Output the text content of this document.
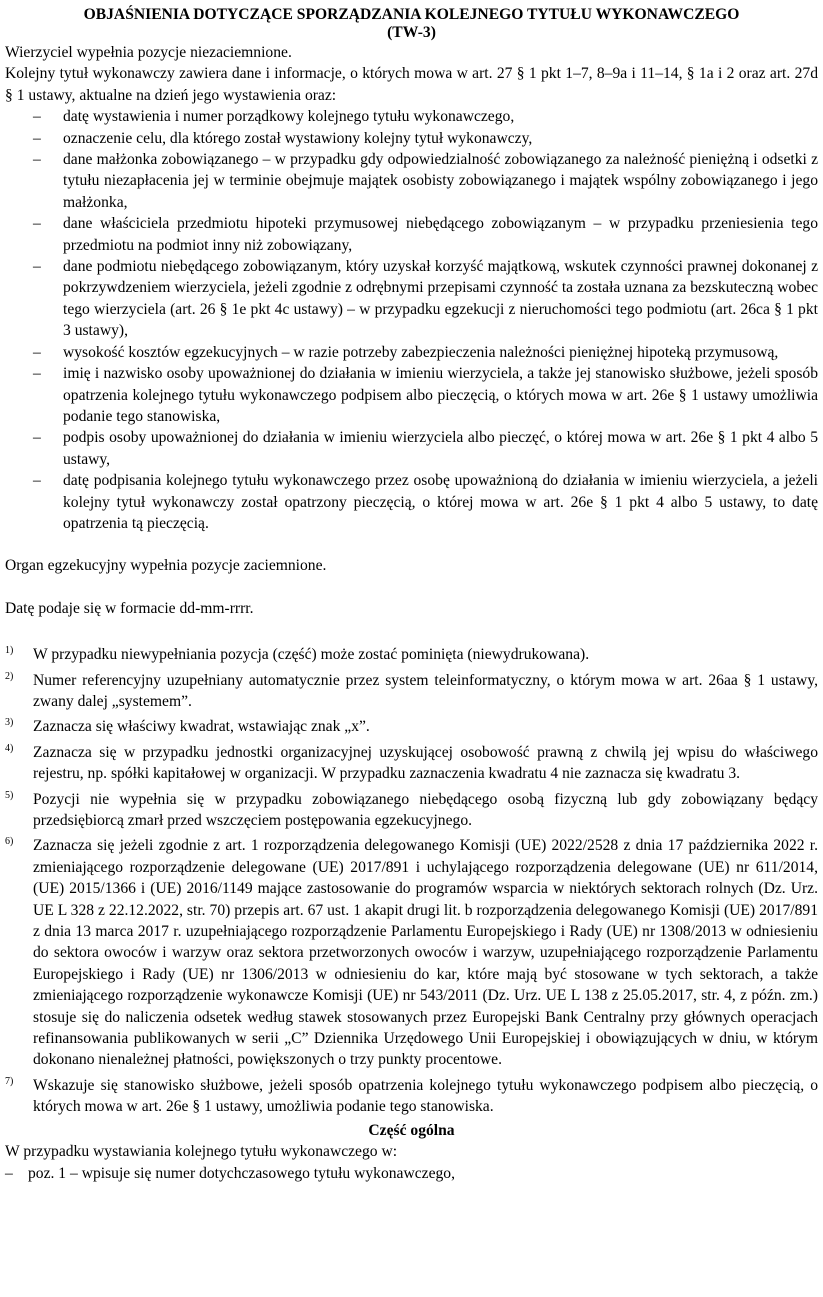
OBJAŚNIENIA DOTYCZĄCE SPORZĄDZANIA KOLEJNEGO TYTUŁU WYKONAWCZEGO
(TW-3)

Wierzyciel wypełnia pozycje niezaciemnione.

Kolejny tytuł wykonawczy zawiera dane i informacje, o których mowa w art. 27 § 1 pkt 1–7, 8–9a i 11–14, § 1a i 2 oraz art. 27d § 1 ustawy, aktualne na dzień jego wystawienia oraz:

– datę wystawienia i numer porządkowy kolejnego tytułu wykonawczego,
– oznaczenie celu, dla którego został wystawiony kolejny tytuł wykonawczy,
– dane małżonka zobowiązanego – w przypadku gdy odpowiedzialność zobowiązanego za należność pieniężną i odsetki z tytułu niezapłacenia jej w terminie obejmuje majątek osobisty zobowiązanego i majątek wspólny zobowiązanego i jego małżonka,
– dane właściciela przedmiotu hipoteki przymusowej niebędącego zobowiązanym – w przypadku przeniesienia tego przedmiotu na podmiot inny niż zobowiązany,
– dane podmiotu niebędącego zobowiązanym, który uzyskał korzyść majątkową, wskutek czynności prawnej dokonanej z pokrzywdzeniem wierzyciela, jeżeli zgodnie z odrębnymi przepisami czynność ta została uznana za bezskuteczną wobec tego wierzyciela (art. 26 § 1e pkt 4c ustawy) – w przypadku egzekucji z nieruchomości tego podmiotu (art. 26ca § 1 pkt 3 ustawy),
– wysokość kosztów egzekucyjnych – w razie potrzeby zabezpieczenia należności pieniężnej hipoteką przymusową,
– imię i nazwisko osoby upoważnionej do działania w imieniu wierzyciela, a także jej stanowisko służbowe, jeżeli sposób opatrzenia kolejnego tytułu wykonawczego podpisem albo pieczęcią, o których mowa w art. 26e § 1 ustawy umożliwia podanie tego stanowiska,
– podpis osoby upoważnionej do działania w imieniu wierzyciela albo pieczęć, o której mowa w art. 26e § 1 pkt 4 albo 5 ustawy,
– datę podpisania kolejnego tytułu wykonawczego przez osobę upoważnioną do działania w imieniu wierzyciela, a jeżeli kolejny tytuł wykonawczy został opatrzony pieczęcią, o której mowa w art. 26e § 1 pkt 4 albo 5 ustawy, to datę opatrzenia tą pieczęcią.

Organ egzekucyjny wypełnia pozycje zaciemnione.

Datę podaje się w formacie dd-mm-rrrr.

1)	W przypadku niewypełniania pozycja (część) może zostać pominięta (niewydrukowana).
2)	Numer referencyjny uzupełniany automatycznie przez system teleinformatyczny, o którym mowa w art. 26aa § 1 ustawy, zwany dalej „systemem”.
3)	Zaznacza się właściwy kwadrat, wstawiając znak „x”.
4)	Zaznacza się w przypadku jednostki organizacyjnej uzyskującej osobowość prawną z chwilą jej wpisu do właściwego rejestru, np. spółki kapitałowej w organizacji. W przypadku zaznaczenia kwadratu 4 nie zaznacza się kwadratu 3.
5)	Pozycji nie wypełnia się w przypadku zobowiązanego niebędącego osobą fizyczną lub gdy zobowiązany będący przedsiębiorcą zmarł przed wszczęciem postępowania egzekucyjnego.
6)	Zaznacza się jeżeli zgodnie z art. 1 rozporządzenia delegowanego Komisji (UE) 2022/2528 z dnia 17 października 2022 r. zmieniającego rozporządzenie delegowane (UE) 2017/891 i uchylającego rozporządzenia delegowane (UE) nr 611/2014, (UE) 2015/1366 i (UE) 2016/1149 mające zastosowanie do programów wsparcia w niektórych sektorach rolnych (Dz. Urz. UE L 328 z 22.12.2022, str. 70) przepis art. 67 ust. 1 akapit drugi lit. b rozporządzenia delegowanego Komisji (UE) 2017/891 z dnia 13 marca 2017 r. uzupełniającego rozporządzenie Parlamentu Europejskiego i Rady (UE) nr 1308/2013 w odniesieniu do sektora owoców i warzyw oraz sektora przetworzonych owoców i warzyw, uzupełniającego rozporządzenie Parlamentu Europejskiego i Rady (UE) nr 1306/2013 w odniesieniu do kar, które mają być stosowane w tych sektorach, a także zmieniającego rozporządzenie wykonawcze Komisji (UE) nr 543/2011 (Dz. Urz. UE L 138 z 25.05.2017, str. 4, z późn. zm.) stosuje się do naliczenia odsetek według stawek stosowanych przez Europejski Bank Centralny przy głównych operacjach refinansowania publikowanych w serii „C” Dziennika Urzędowego Unii Europejskiej i obowiązujących w dniu, w którym dokonano nienależnej płatności, powiększonych o trzy punkty procentowe.
7)	Wskazuje się stanowisko służbowe, jeżeli sposób opatrzenia kolejnego tytułu wykonawczego podpisem albo pieczęcią, o których mowa w art. 26e § 1 ustawy, umożliwia podanie tego stanowiska.
Część ogólna

W przypadku wystawiania kolejnego tytułu wykonawczego w:

– poz. 1 – wpisuje się numer dotychczasowego tytułu wykonawczego,
